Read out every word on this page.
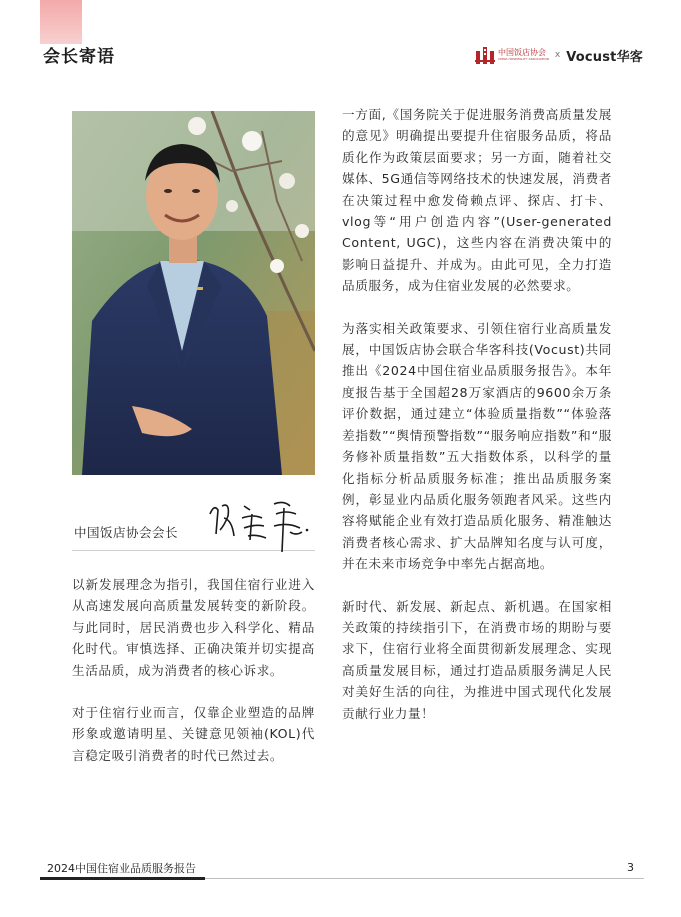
会长寄语	中国饭店协会
CHINA HOSPITALITY ASSOCIATION x Vocust华客
中国饭店协会会长

以新发展理念为指引，我国住宿行业进入从高速发展向高质量发展转变的新阶段。与此同时，居民消费也步入科学化、精品化时代。审慎选择、正确决策并切实提高生活品质，成为消费者的核心诉求。

对于住宿行业而言，仅靠企业塑造的品牌形象或邀请明星、关键意见领袖(KOL)代言稳定吸引消费者的时代已然过去。

一方面,《国务院关于促进服务消费高质量发展的意见》明确提出要提升住宿服务品质，将品质化作为政策层面要求；另一方面，随着社交媒体、5G通信等网络技术的快速发展，消费者在决策过程中愈发倚赖点评、探店、打卡、vlog等“用户创造内容”(User-generated Content, UGC)，这些内容在消费决策中的影响日益提升、并成为。由此可见，全力打造品质服务，成为住宿业发展的必然要求。

为落实相关政策要求、引领住宿行业高质量发展，中国饭店协会联合华客科技(Vocust)共同推出《2024中国住宿业品质服务报告》。本年度报告基于全国超28万家酒店的9600余万条评价数据，通过建立“体验质量指数”“体验落差指数”“舆情预警指数”“服务响应指数”和“服务修补质量指数”五大指数体系，以科学的量化指标分析品质服务标准；推出品质服务案例，彰显业内品质化服务领跑者风采。这些内容将赋能企业有效打造品质化服务、精准触达消费者核心需求、扩大品牌知名度与认可度，并在未来市场竞争中率先占据高地。

新时代、新发展、新起点、新机遇。在国家相关政策的持续指引下，在消费市场的期盼与要求下，住宿行业将全面贯彻新发展理念、实现高质量发展目标，通过打造品质服务满足人民对美好生活的向往，为推进中国式现代化发展贡献行业力量！

2024中国住宿业品质服务报告	3
